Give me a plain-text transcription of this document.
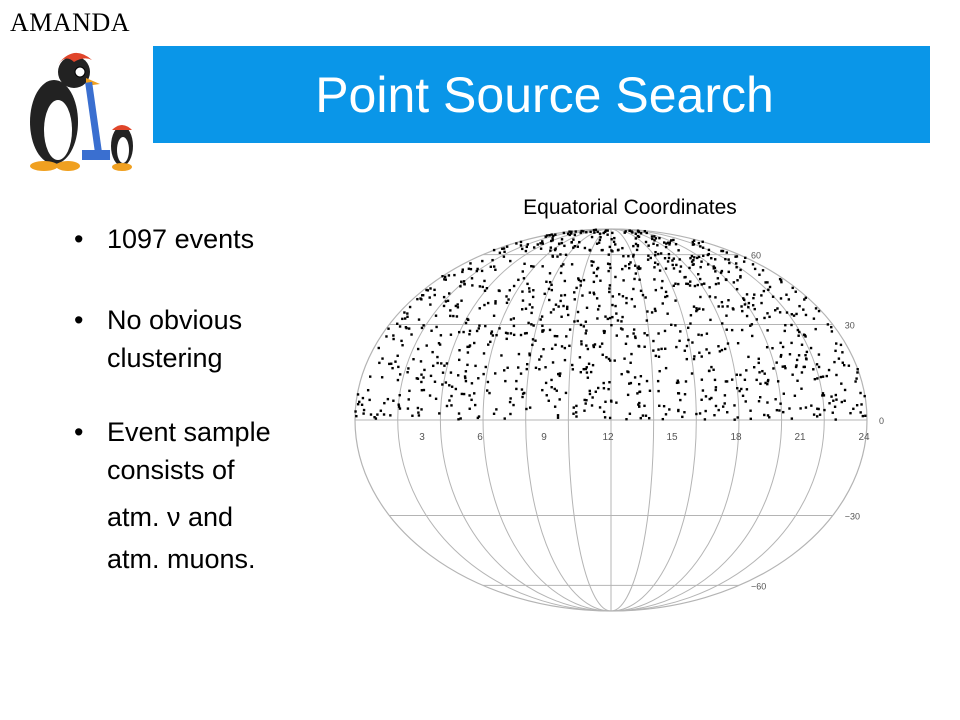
AMANDA
Point Source Search
• 1097 events
• No obvious
clustering
• Event sample
consists of
atm. ν and
atm. muons.
Equatorial Coordinates
60
30
0
−30
−60
3	6	9	12	15	18	21	24
